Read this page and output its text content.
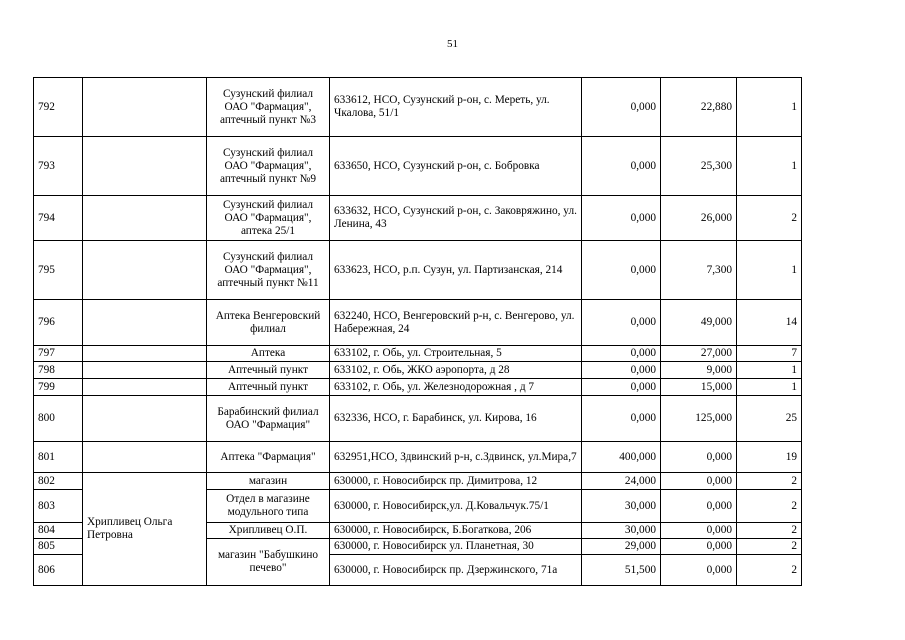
51
792		Сузунский филиал ОАО "Фармация", аптечный пункт №3	633612, НСО, Сузунский р-он, с. Мереть, ул. Чкалова, 51/1	0,000	22,880	1
793		Сузунский филиал ОАО "Фармация", аптечный пункт №9	633650, НСО, Сузунский р-он, с. Бобровка	0,000	25,300	1
794		Сузунский филиал ОАО "Фармация", аптека 25/1	633632, НСО, Сузунский р-он, с. Заковряжино, ул. Ленина, 43	0,000	26,000	2
795		Сузунский филиал ОАО "Фармация", аптечный пункт №11	633623, НСО, р.п. Сузун, ул. Партизанская, 214	0,000	7,300	1
796		Аптека Венгеровский филиал	632240, НСО, Венгеровский р-н, с. Венгерово, ул. Набережная, 24	0,000	49,000	14
797		Аптека	633102, г. Обь, ул. Строительная, 5	0,000	27,000	7
798		Аптечный пункт	633102, г. Обь, ЖКО аэропорта, д 28	0,000	9,000	1
799		Аптечный пункт	633102, г. Обь, ул. Железнодорожная , д 7	0,000	15,000	1
800		Барабинский филиал ОАО "Фармация"	632336, НСО, г. Барабинск, ул. Кирова, 16	0,000	125,000	25
801		Аптека "Фармация"	632951,НСО, Здвинский р-н, с.Здвинск, ул.Мира,7	400,000	0,000	19
802	Хрипливец Ольга Петровна	магазин	630000, г. Новосибирск пр. Димитрова, 12	24,000	0,000	2
803		Отдел в магазине модульного типа	630000, г. Новосибирск,ул. Д.Ковальчук.75/1	30,000	0,000	2
804		Хрипливец О.П.	630000, г. Новосибирск, Б.Богаткова, 206	30,000	0,000	2
805		магазин "Бабушкино печево"	630000, г. Новосибирск ул. Планетная, 30	29,000	0,000	2
806			630000, г. Новосибирск пр. Дзержинского, 71а	51,500	0,000	2
